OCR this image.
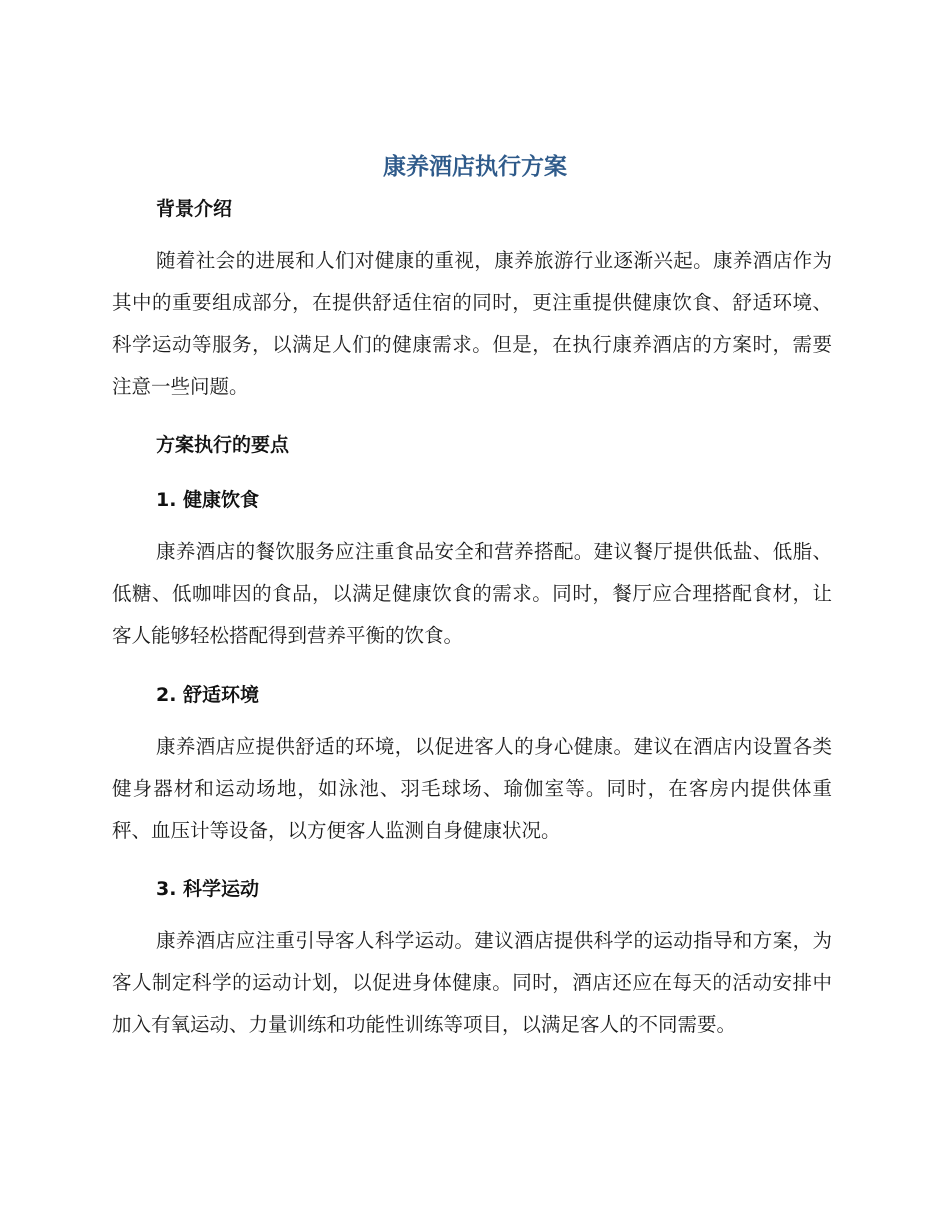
康养酒店执行方案
背景介绍

随着社会的进展和人们对健康的重视，康养旅游行业逐渐兴起。康养酒店作为其中的重要组成部分，在提供舒适住宿的同时，更注重提供健康饮食、舒适环境、科学运动等服务，以满足人们的健康需求。但是，在执行康养酒店的方案时，需要注意一些问题。

方案执行的要点
1. 健康饮食

康养酒店的餐饮服务应注重食品安全和营养搭配。建议餐厅提供低盐、低脂、低糖、低咖啡因的食品，以满足健康饮食的需求。同时，餐厅应合理搭配食材，让客人能够轻松搭配得到营养平衡的饮食。

2. 舒适环境

康养酒店应提供舒适的环境，以促进客人的身心健康。建议在酒店内设置各类健身器材和运动场地，如泳池、羽毛球场、瑜伽室等。同时，在客房内提供体重秤、血压计等设备，以方便客人监测自身健康状况。

3. 科学运动

康养酒店应注重引导客人科学运动。建议酒店提供科学的运动指导和方案，为客人制定科学的运动计划，以促进身体健康。同时，酒店还应在每天的活动安排中加入有氧运动、力量训练和功能性训练等项目，以满足客人的不同需要。
